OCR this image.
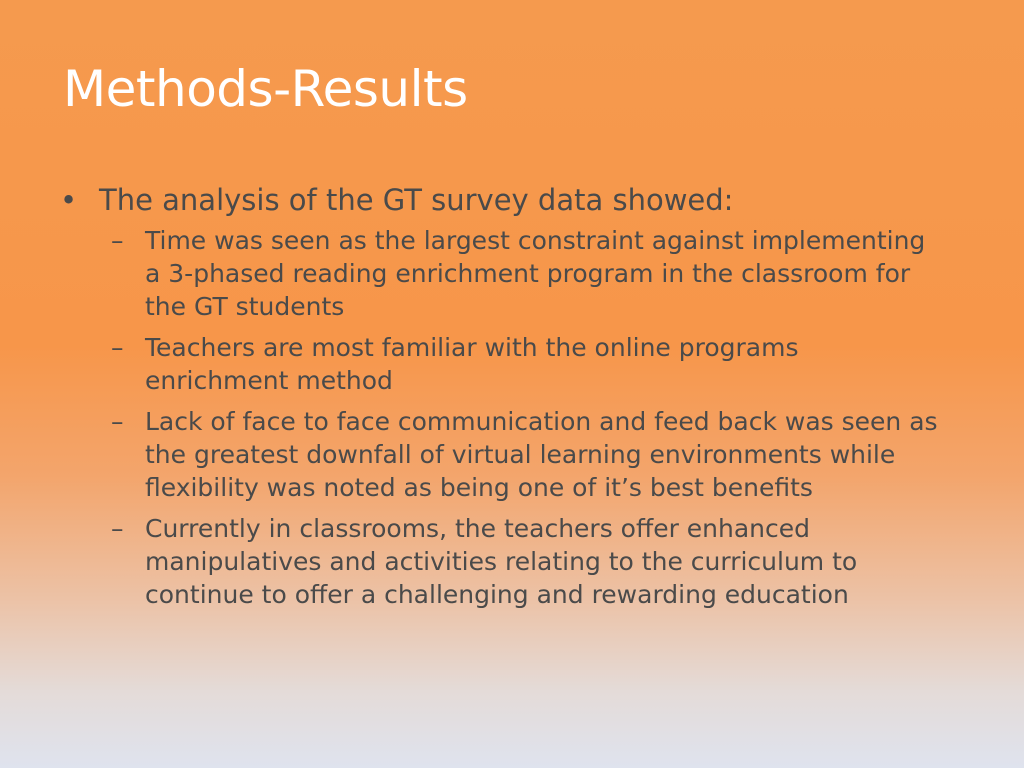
Methods-Results
• The analysis of the GT survey data showed:
– Time was seen as the largest constraint against implementing a 3-phased reading enrichment program in the classroom for the GT students
– Teachers are most familiar with the online programs enrichment method
– Lack of face to face communication and feed back was seen as the greatest downfall of virtual learning environments while flexibility was noted as being one of it’s best benefits
– Currently in classrooms, the teachers offer enhanced manipulatives and activities relating to the curriculum to continue to offer a challenging and rewarding education
